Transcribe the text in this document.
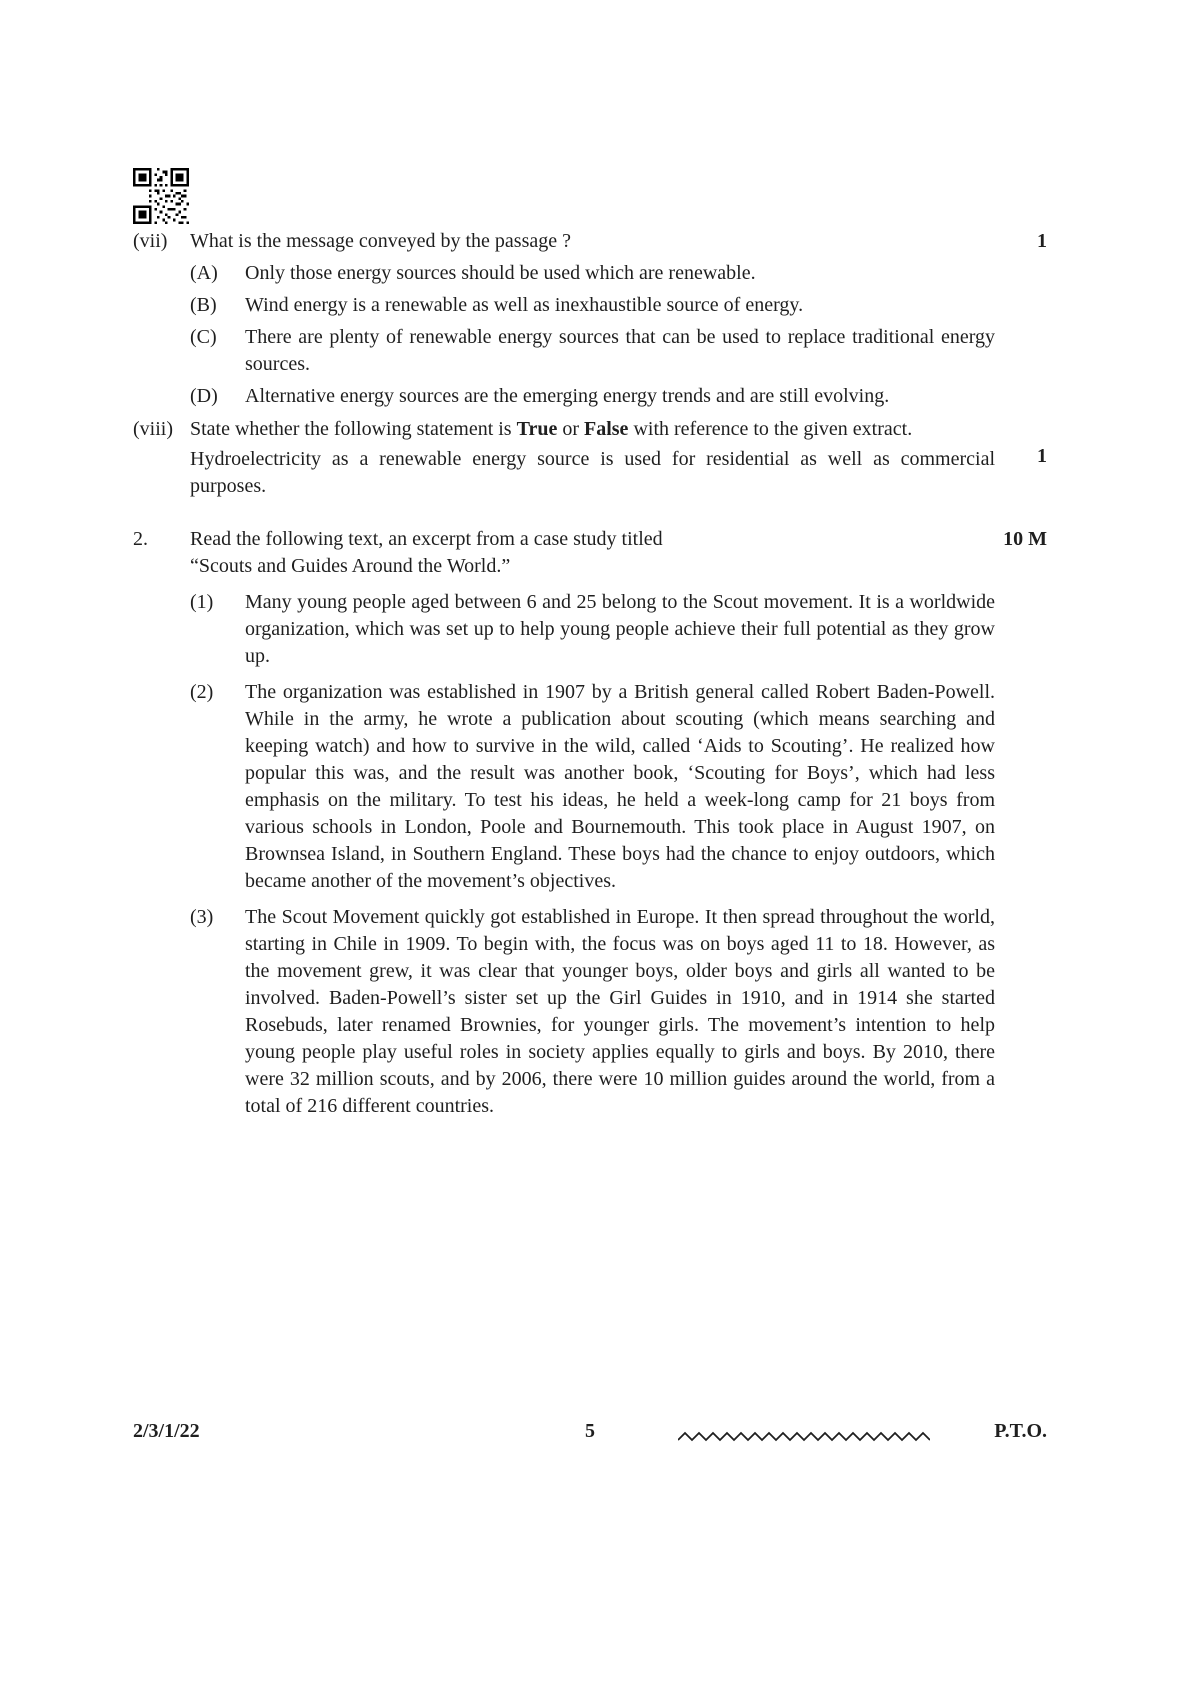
1
(vii)	What is the message conveyed by the passage ?
(A)	Only those energy sources should be used which are renewable.
(B)	Wind energy is a renewable as well as inexhaustible source of energy.
(C)	There are plenty of renewable energy sources that can be used to replace traditional energy sources.
(D)	Alternative energy sources are the emerging energy trends and are still evolving.
1
(viii) State whether the following statement is True or False with reference to the given extract.
Hydroelectricity as a renewable energy source is used for residential as well as commercial purposes.
10 M
2.	Read the following text, an excerpt from a case study titled
“Scouts and Guides Around the World.”
(1)	Many young people aged between 6 and 25 belong to the Scout movement. It is a worldwide organization, which was set up to help young people achieve their full potential as they grow up.
(2)	The organization was established in 1907 by a British general called Robert Baden-Powell. While in the army, he wrote a publication about scouting (which means searching and keeping watch) and how to survive in the wild, called ‘Aids to Scouting’. He realized how popular this was, and the result was another book, ‘Scouting for Boys’, which had less emphasis on the military. To test his ideas, he held a week-long camp for 21 boys from various schools in London, Poole and Bournemouth. This took place in August 1907, on Brownsea Island, in Southern England. These boys had the chance to enjoy outdoors, which became another of the movement’s objectives.
(3)	The Scout Movement quickly got established in Europe. It then spread throughout the world, starting in Chile in 1909. To begin with, the focus was on boys aged 11 to 18. However, as the movement grew, it was clear that younger boys, older boys and girls all wanted to be involved. Baden-Powell’s sister set up the Girl Guides in 1910, and in 1914 she started Rosebuds, later renamed Brownies, for younger girls. The movement’s intention to help young people play useful roles in society applies equally to girls and boys. By 2010, there were 32 million scouts, and by 2006, there were 10 million guides around the world, from a total of 216 different countries.
2/3/1/22	5	P.T.O.
